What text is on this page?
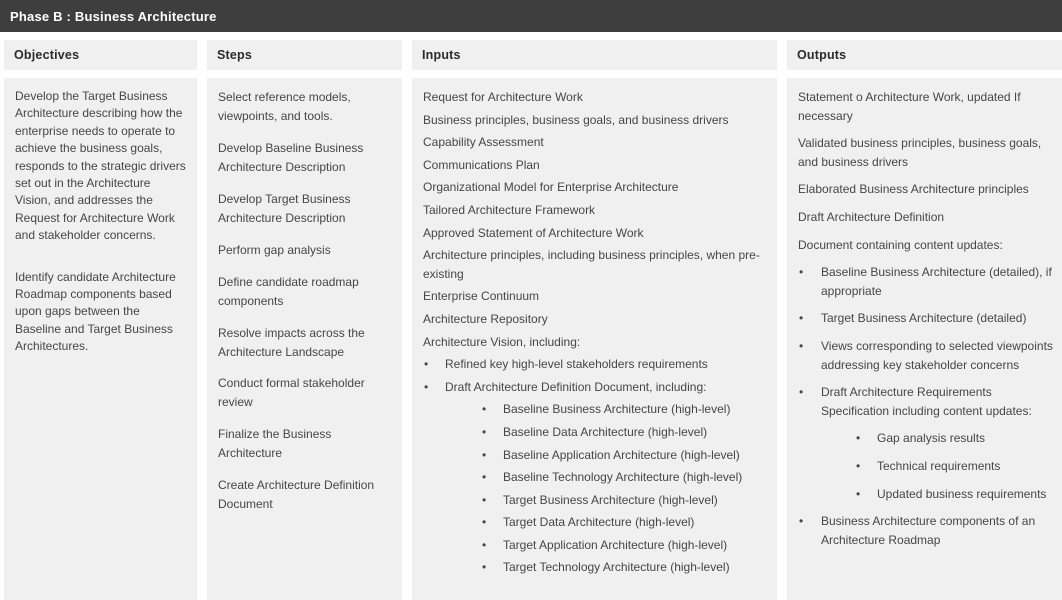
Phase B : Business Architecture
Objectives
Develop the Target Business Architecture describing how the enterprise needs to operate to achieve the business goals, responds to the strategic drivers set out in the Architecture Vision, and addresses the Request for Architecture Work and stakeholder concerns.
Identify candidate Architecture Roadmap components based upon gaps between the Baseline and Target Business Architectures.
Steps
Select reference models, viewpoints, and tools.
Develop Baseline Business Architecture Description
Develop Target Business Architecture Description
Perform gap analysis
Define candidate roadmap components
Resolve impacts across the Architecture Landscape
Conduct formal stakeholder review
Finalize the Business Architecture
Create Architecture Definition Document
Inputs
Request for Architecture Work
Business principles, business goals, and business drivers
Capability Assessment
Communications Plan
Organizational Model for Enterprise Architecture
Tailored Architecture Framework
Approved Statement of Architecture Work
Architecture principles, including business principles, when pre-existing
Enterprise Continuum
Architecture Repository
Architecture Vision, including:
• Refined key high-level stakeholders requirements
• Draft Architecture Definition Document, including:
• Baseline Business Architecture (high-level)
• Baseline Data Architecture (high-level)
• Baseline Application Architecture (high-level)
• Baseline Technology Architecture (high-level)
• Target Business Architecture (high-level)
• Target Data Architecture (high-level)
• Target Application Architecture (high-level)
• Target Technology Architecture (high-level)
Outputs
Statement o Architecture Work, updated If necessary
Validated business principles, business goals, and business drivers
Elaborated Business Architecture principles
Draft Architecture Definition
Document containing content updates:
• Baseline Business Architecture (detailed), if appropriate
• Target Business Architecture (detailed)
• Views corresponding to selected viewpoints addressing key stakeholder concerns
• Draft Architecture Requirements Specification including content updates:
• Gap analysis results
• Technical requirements
• Updated business requirements
• Business Architecture components of an Architecture Roadmap
